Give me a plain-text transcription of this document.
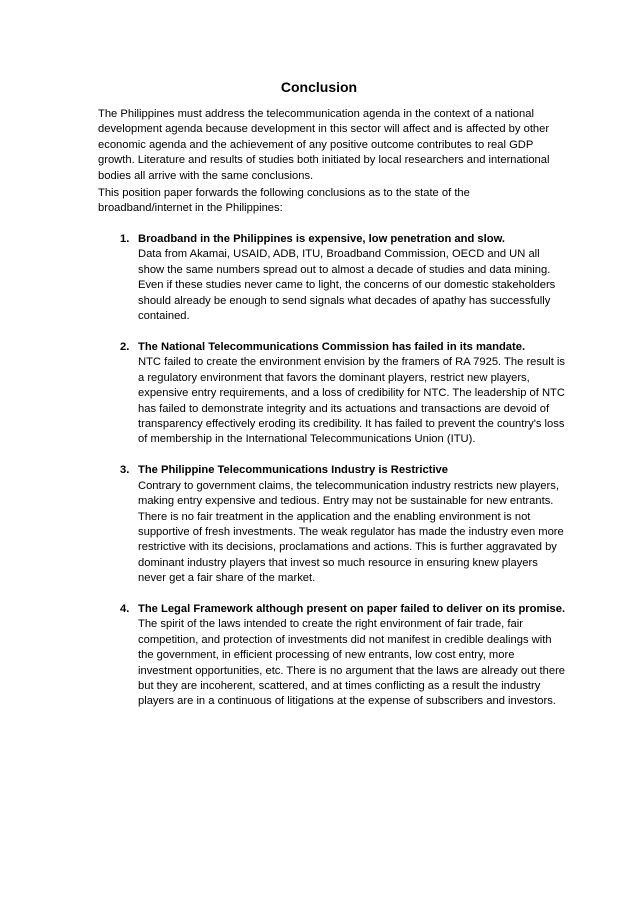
Conclusion

The Philippines must address the telecommunication agenda in the context of a national development agenda because development in this sector will affect and is affected by other economic agenda and the achievement of any positive outcome contributes to real GDP growth. Literature and results of studies both initiated by local researchers and international bodies all arrive with the same conclusions.

This position paper forwards the following conclusions as to the state of the broadband/internet in the Philippines:

1. Broadband in the Philippines is expensive, low penetration and slow.
Data from Akamai, USAID, ADB, ITU, Broadband Commission, OECD and UN all show the same numbers spread out to almost a decade of studies and data mining. Even if these studies never came to light, the concerns of our domestic stakeholders should already be enough to send signals what decades of apathy has successfully contained.
2. The National Telecommunications Commission has failed in its mandate.
NTC failed to create the environment envision by the framers of RA 7925. The result is a regulatory environment that favors the dominant players, restrict new players, expensive entry requirements, and a loss of credibility for NTC. The leadership of NTC has failed to demonstrate integrity and its actuations and transactions are devoid of transparency effectively eroding its credibility. It has failed to prevent the country's loss of membership in the International Telecommunications Union (ITU).
3. The Philippine Telecommunications Industry is Restrictive
Contrary to government claims, the telecommunication industry restricts new players, making entry expensive and tedious. Entry may not be sustainable for new entrants. There is no fair treatment in the application and the enabling environment is not supportive of fresh investments. The weak regulator has made the industry even more restrictive with its decisions, proclamations and actions. This is further aggravated by dominant industry players that invest so much resource in ensuring knew players never get a fair share of the market.
4. The Legal Framework although present on paper failed to deliver on its promise.
The spirit of the laws intended to create the right environment of fair trade, fair competition, and protection of investments did not manifest in credible dealings with the government, in efficient processing of new entrants, low cost entry, more investment opportunities, etc. There is no argument that the laws are already out there but they are incoherent, scattered, and at times conflicting as a result the industry players are in a continuous of litigations at the expense of subscribers and investors.
